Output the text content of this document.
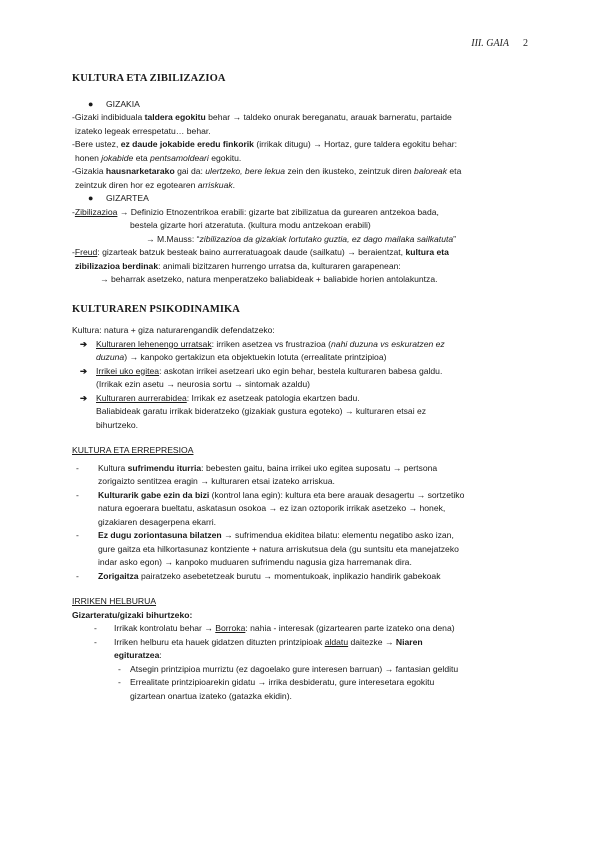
III. GAIA 2
KULTURA ETA ZIBILIZAZIOA
● GIZAKIA
-Gizaki indibiduala taldera egokitu behar → taldeko onurak bereganatu, arauak barneratu, partaide
izateko legeak errespetatu… behar.
-Bere ustez, ez daude jokabide eredu finkorik (irrikak ditugu) → Hortaz, gure taldera egokitu behar:
honen jokabide eta pentsamoldeari egokitu.
-Gizakia hausnarketarako gai da: ulertzeko, bere lekua zein den ikusteko, zeintzuk diren baloreak eta
zeintzuk diren hor ez egotearen arriskuak.
● GIZARTEA
-Zibilizazioa → Definizio Etnozentrikoa erabili: gizarte bat zibilizatua da gurearen antzekoa bada,
bestela gizarte hori atzeratuta. (kultura modu antzekoan erabili)
→ M.Mauss: “zibilizazioa da gizakiak lortutako guztia, ez dago mailaka sailkatuta”
-Freud: gizarteak batzuk besteak baino aurreratuagoak daude (sailkatu) → beraientzat, kultura eta
zibilizazioa berdinak: animali bizitzaren hurrengo urratsa da, kulturaren garapenean:
→ beharrak asetzeko, natura menperatzeko baliabideak + baliabide horien antolakuntza.
KULTURAREN PSIKODINAMIKA
Kultura: natura + giza naturarengandik defendatzeko:
➔ Kulturaren lehenengo urratsak: irriken asetzea vs frustrazioa (nahi duzuna vs eskuratzen ez
duzuna) → kanpoko gertakizun eta objektuekin lotuta (errealitate printzipioa)
➔ Irrikei uko egitea: askotan irrikei asetzeari uko egin behar, bestela kulturaren babesa galdu.
(Irrikak ezin asetu → neurosia sortu → sintomak azaldu)
➔ Kulturaren aurrerabidea: Irrikak ez asetzeak patologia ekartzen badu.
Baliabideak garatu irrikak bideratzeko (gizakiak gustura egoteko) → kulturaren etsai ez
bihurtzeko.
KULTURA ETA ERREPRESIOA
- Kultura sufrimendu iturria: bebesten gaitu, baina irrikei uko egitea suposatu → pertsona
zorigaizto sentitzea eragin → kulturaren etsai izateko arriskua.
- Kulturarik gabe ezin da bizi (kontrol lana egin): kultura eta bere arauak desagertu → sortzetiko
natura egoerara bueltatu, askatasun osokoa → ez izan oztoporik irrikak asetzeko → honek,
gizakiaren desagerpena ekarri.
- Ez dugu zoriontasuna bilatzen → sufrimendua ekiditea bilatu: elementu negatibo asko izan,
gure gaitza eta hilkortasunaz kontziente + natura arriskutsua dela (gu suntsitu eta manejatzeko
indar asko egon) → kanpoko muduaren sufrimendu nagusia giza harremanak dira.
- Zorigaitza pairatzeko asebetetzeak burutu → momentukoak, inplikazio handirik gabekoak
IRRIKEN HELBURUA
Gizarteratu/gizaki bihurtzeko:
- Irrikak kontrolatu behar → Borroka: nahia - interesak (gizartearen parte izateko ona dena)
- Irriken helburu eta hauek gidatzen dituzten printzipioak aldatu daitezke → Niaren
egituratzea:
- Atsegin printzipioa murriztu (ez dagoelako gure interesen barruan) → fantasian gelditu
- Errealitate printzipioarekin gidatu → irrika desbideratu, gure interesetara egokitu
gizartean onartua izateko (gatazka ekidin).
